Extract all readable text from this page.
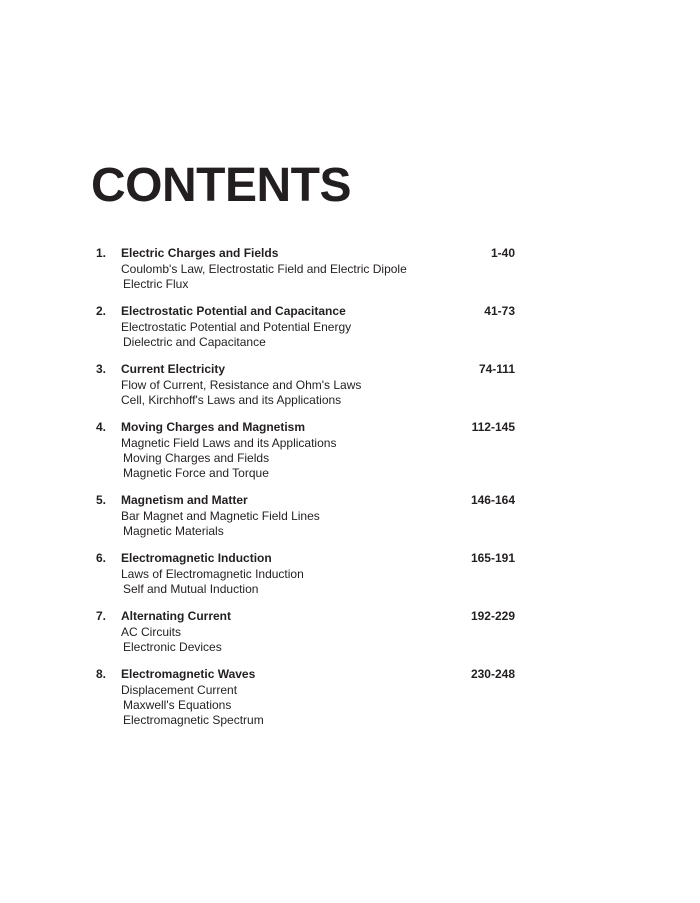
CONTENTS
1. Electric Charges and Fields	1-40
Coulomb's Law, Electrostatic Field and Electric Dipole
Electric Flux
2. Electrostatic Potential and Capacitance	41-73
Electrostatic Potential and Potential Energy
Dielectric and Capacitance
3. Current Electricity	74-111
Flow of Current, Resistance and Ohm's Laws
Cell, Kirchhoff's Laws and its Applications
4. Moving Charges and Magnetism	112-145
Magnetic Field Laws and its Applications
Moving Charges and Fields
Magnetic Force and Torque
5. Magnetism and Matter	146-164
Bar Magnet and Magnetic Field Lines
Magnetic Materials
6. Electromagnetic Induction	165-191
Laws of Electromagnetic Induction
Self and Mutual Induction
7. Alternating Current	192-229
AC Circuits
Electronic Devices
8. Electromagnetic Waves	230-248
Displacement Current
Maxwell's Equations
Electromagnetic Spectrum
